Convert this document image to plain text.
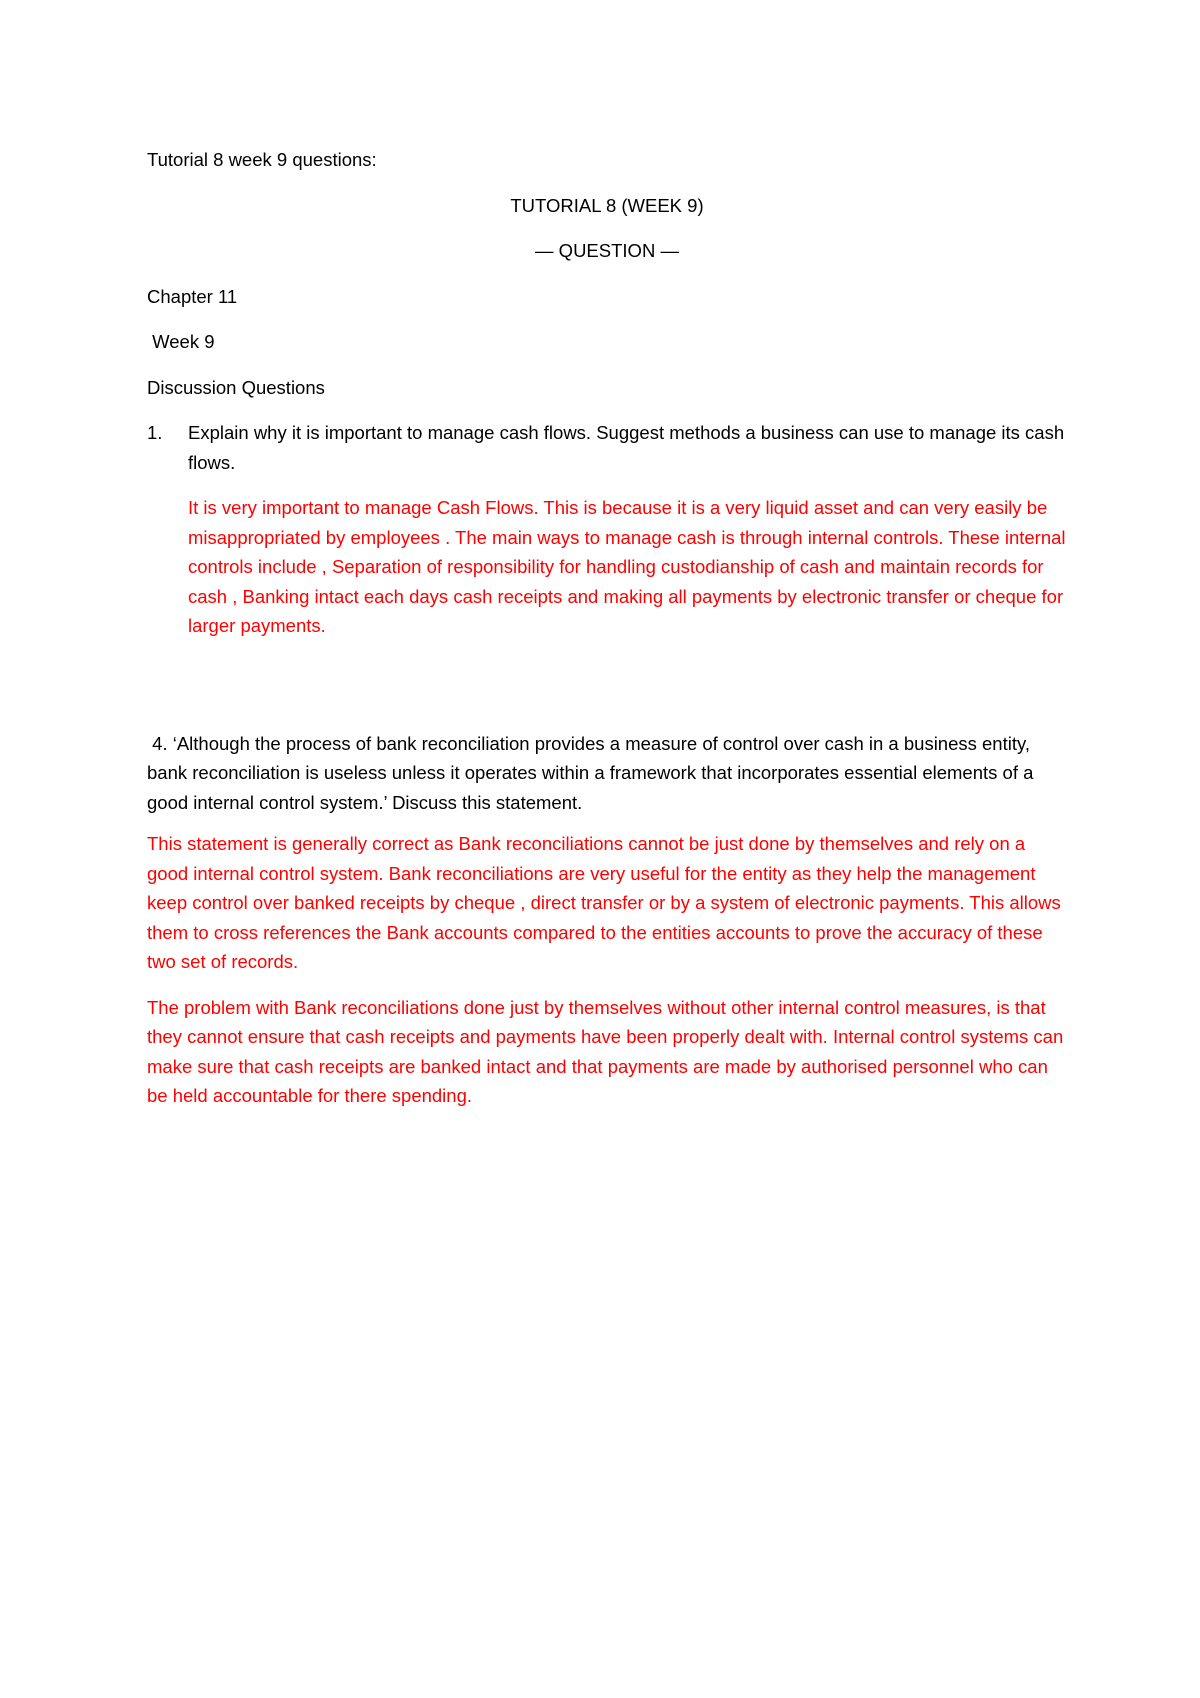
Tutorial 8 week 9 questions:

TUTORIAL 8 (WEEK 9)

— QUESTION —

Chapter 11

Week 9

Discussion Questions

1.	Explain why it is important to manage cash flows. Suggest methods a business can use to manage its cash flows.

It is very important to manage Cash Flows. This is because it is a very liquid asset and can very easily be misappropriated by employees . The main ways to manage cash is through internal controls. These internal controls include , Separation of responsibility for handling custodianship of cash and maintain records for cash , Banking intact each days cash receipts and making all payments by electronic transfer or cheque for larger payments.

4. ‘Although the process of bank reconciliation provides a measure of control over cash in a business entity, bank reconciliation is useless unless it operates within a framework that incorporates essential elements of a good internal control system.’ Discuss this statement.

This statement is generally correct as Bank reconciliations cannot be just done by themselves and rely on a good internal control system. Bank reconciliations are very useful for the entity as they help the management keep control over banked receipts by cheque , direct transfer or by a system of electronic payments. This allows them to cross references the Bank accounts compared to the entities accounts to prove the accuracy of these two set of records.

The problem with Bank reconciliations done just by themselves without other internal control measures, is that they cannot ensure that cash receipts and payments have been properly dealt with. Internal control systems can make sure that cash receipts are banked intact and that payments are made by authorised personnel who can be held accountable for there spending.
